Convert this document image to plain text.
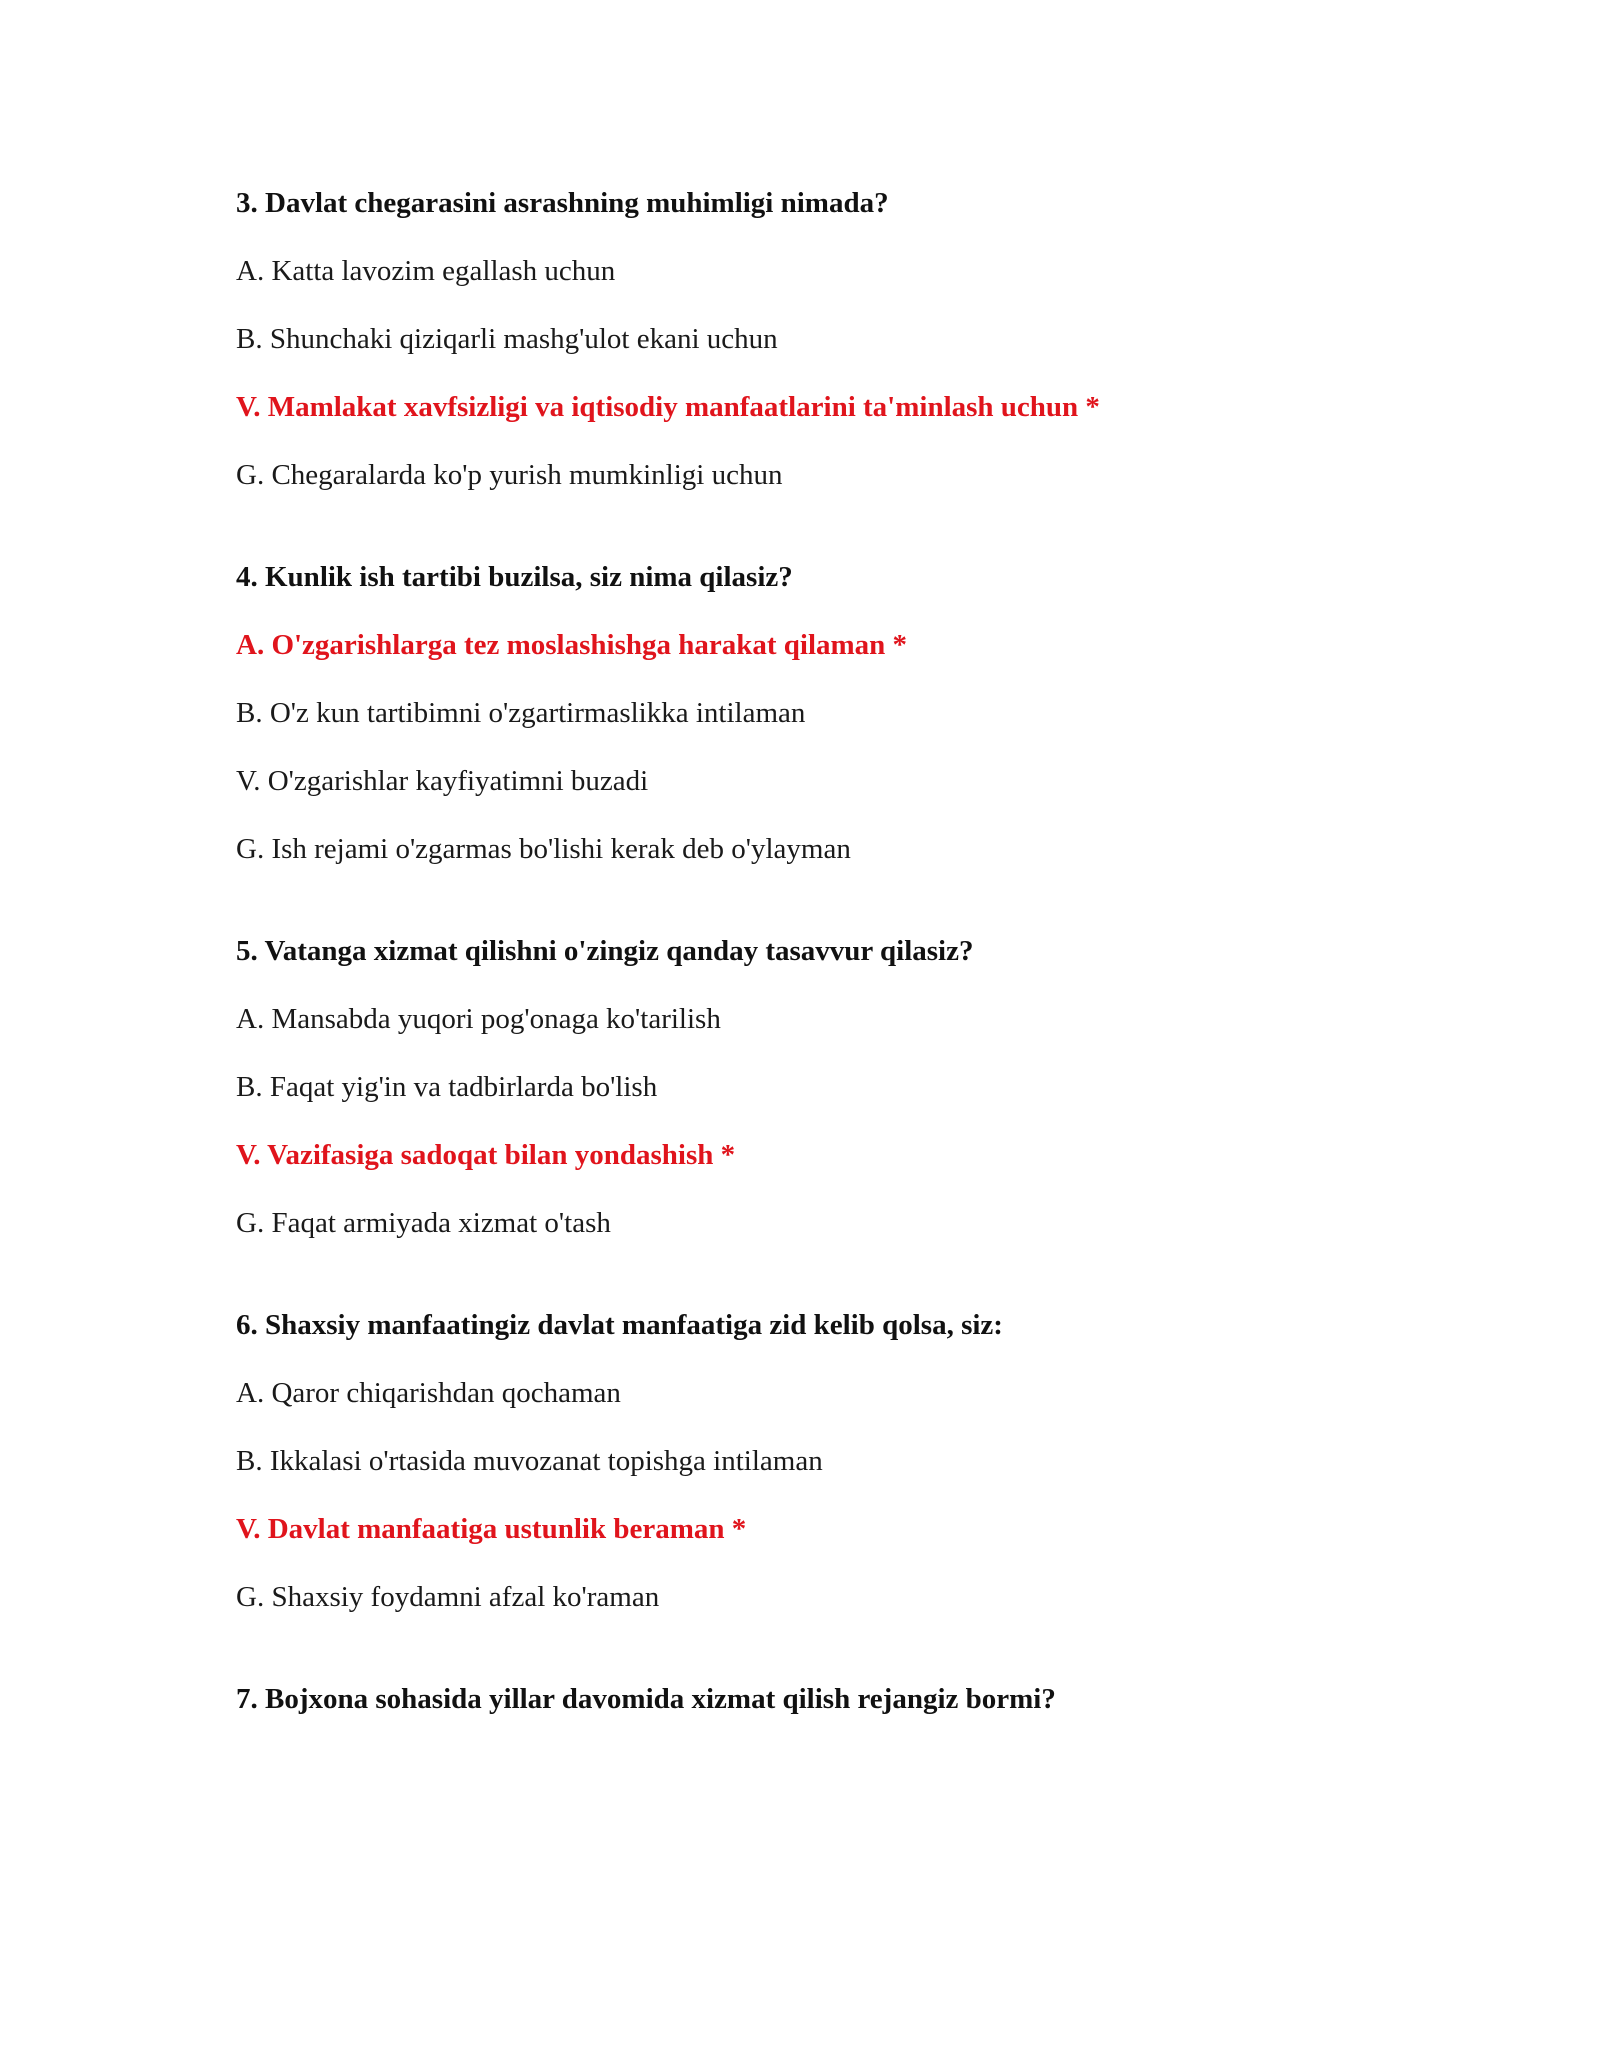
3. Davlat chegarasini asrashning muhimligi nimada?
A. Katta lavozim egallash uchun
B. Shunchaki qiziqarli mashg'ulot ekani uchun
V. Mamlakat xavfsizligi va iqtisodiy manfaatlarini ta'minlash uchun *
G. Chegaralarda ko'p yurish mumkinligi uchun
4. Kunlik ish tartibi buzilsa, siz nima qilasiz?
A. O'zgarishlarga tez moslashishga harakat qilaman *
B. O'z kun tartibimni o'zgartirmaslikka intilaman
V. O'zgarishlar kayfiyatimni buzadi
G. Ish rejami o'zgarmas bo'lishi kerak deb o'ylayman
5. Vatanga xizmat qilishni o'zingiz qanday tasavvur qilasiz?
A. Mansabda yuqori pog'onaga ko'tarilish
B. Faqat yig'in va tadbirlarda bo'lish
V. Vazifasiga sadoqat bilan yondashish *
G. Faqat armiyada xizmat o'tash
6. Shaxsiy manfaatingiz davlat manfaatiga zid kelib qolsa, siz:
A. Qaror chiqarishdan qochaman
B. Ikkalasi o'rtasida muvozanat topishga intilaman
V. Davlat manfaatiga ustunlik beraman *
G. Shaxsiy foydamni afzal ko'raman
7. Bojxona sohasida yillar davomida xizmat qilish rejangiz bormi?
